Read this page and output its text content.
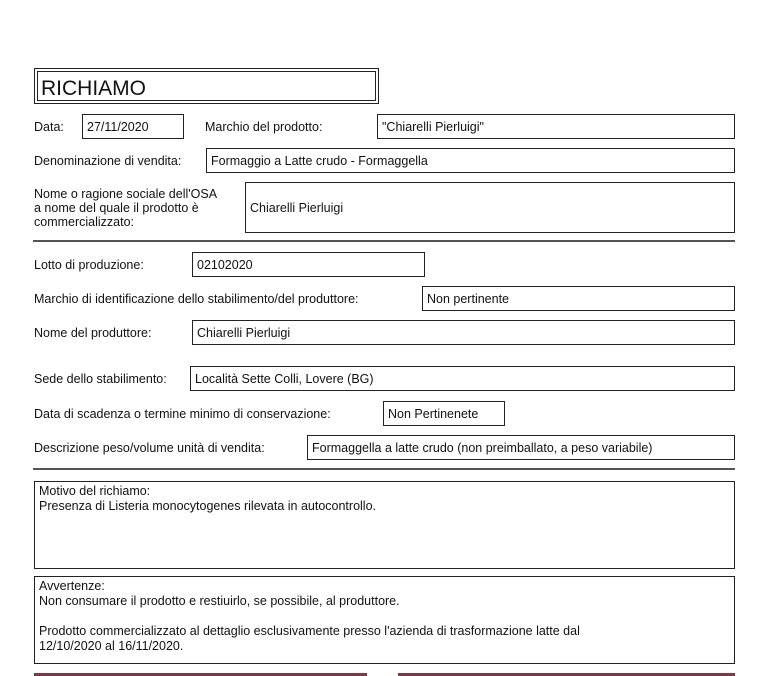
RICHIAMO
Data:	27/11/2020	Marchio del prodotto:	"Chiarelli Pierluigi"
Denominazione di vendita:	Formaggio a Latte crudo - Formaggella
Nome o ragione sociale dell'OSA
a nome del quale il prodotto è
commercializzato:
Chiarelli Pierluigi
Lotto di produzione:	02102020
Marchio di identificazione dello stabilimento/del produttore:	Non pertinente
Nome del produttore:	Chiarelli Pierluigi
Sede dello stabilimento:	Località Sette Colli, Lovere (BG)
Data di scadenza o termine minimo di conservazione:	Non Pertinenete
Descrizione peso/volume unità di vendita:	Formaggella a latte crudo (non preimballato, a peso variabile)

Motivo del richiamo:

Presenza di Listeria monocytogenes rilevata in autocontrollo.

Avvertenze:

Non consumare il prodotto e restiuirlo, se possibile, al produttore.

Prodotto commercializzato al dettaglio esclusivamente presso l'azienda di trasformazione latte dal

12/10/2020 al 16/11/2020.
